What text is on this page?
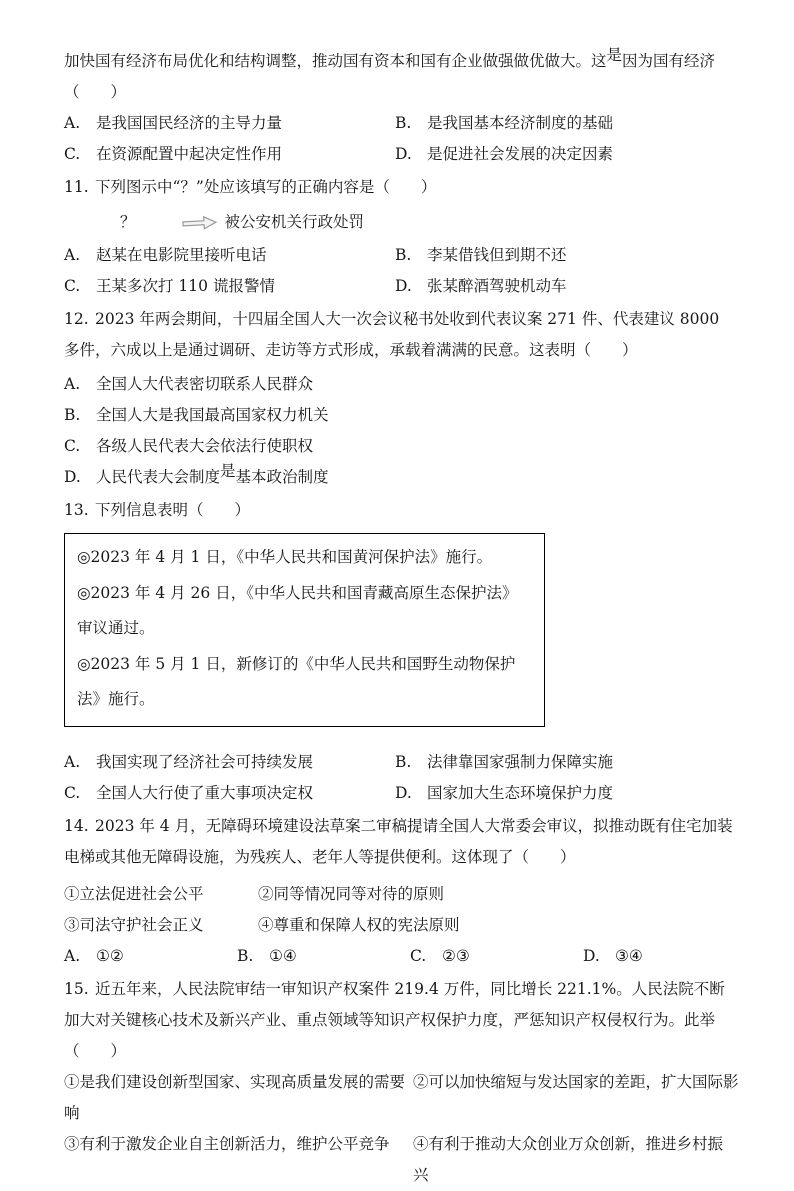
加快国有经济布局优化和结构调整，推动国有资本和国有企业做强做优做大。这是因为国有经济（　　）

A. 是我国国民经济的主导力量	B. 是我国基本经济制度的基础
C. 在资源配置中起决定性作用	D. 是促进社会发展的决定因素

11. 下列图示中“？”处应该填写的正确内容是（　　）

？	被公安机关行政处罚
A. 赵某在电影院里接听电话	B. 李某借钱但到期不还
C. 王某多次打 110 谎报警情	D. 张某醉酒驾驶机动车

12. 2023 年两会期间，十四届全国人大一次会议秘书处收到代表议案 271 件、代表建议 8000 多件，六成以上是通过调研、走访等方式形成，承载着满满的民意。这表明（　　）

A. 全国人大代表密切联系人民群众
B. 全国人大是我国最高国家权力机关
C. 各级人民代表大会依法行使职权
D. 人民代表大会制度是基本政治制度

13. 下列信息表明（　　）

◎2023 年 4 月 1 日，《中华人民共和国黄河保护法》施行。
◎2023 年 4 月 26 日，《中华人民共和国青藏高原生态保护法》审议通过。
◎2023 年 5 月 1 日，新修订的《中华人民共和国野生动物保护法》施行。
A. 我国实现了经济社会可持续发展	B. 法律靠国家强制力保障实施
C. 全国人大行使了重大事项决定权	D. 国家加大生态环境保护力度

14. 2023 年 4 月，无障碍环境建设法草案二审稿提请全国人大常委会审议，拟推动既有住宅加装电梯或其他无障碍设施，为残疾人、老年人等提供便利。这体现了（　　）

①立法促进社会公平	②同等情况同等对待的原则
③司法守护社会正义	④尊重和保障人权的宪法原则
A. ①②	B. ①④	C. ②③	D. ③④

15. 近五年来，人民法院审结一审知识产权案件 219.4 万件，同比增长 221.1%。人民法院不断加大对关键核心技术及新兴产业、重点领域等知识产权保护力度，严惩知识产权侵权行为。此举（　　）

①是我们建设创新型国家、实现高质量发展的需要 ②可以加快缩短与发达国家的差距，扩大国际影
响
③有利于激发企业自主创新活力，维护公平竞争	④有利于推动大众创业万众创新，推进乡村振兴
